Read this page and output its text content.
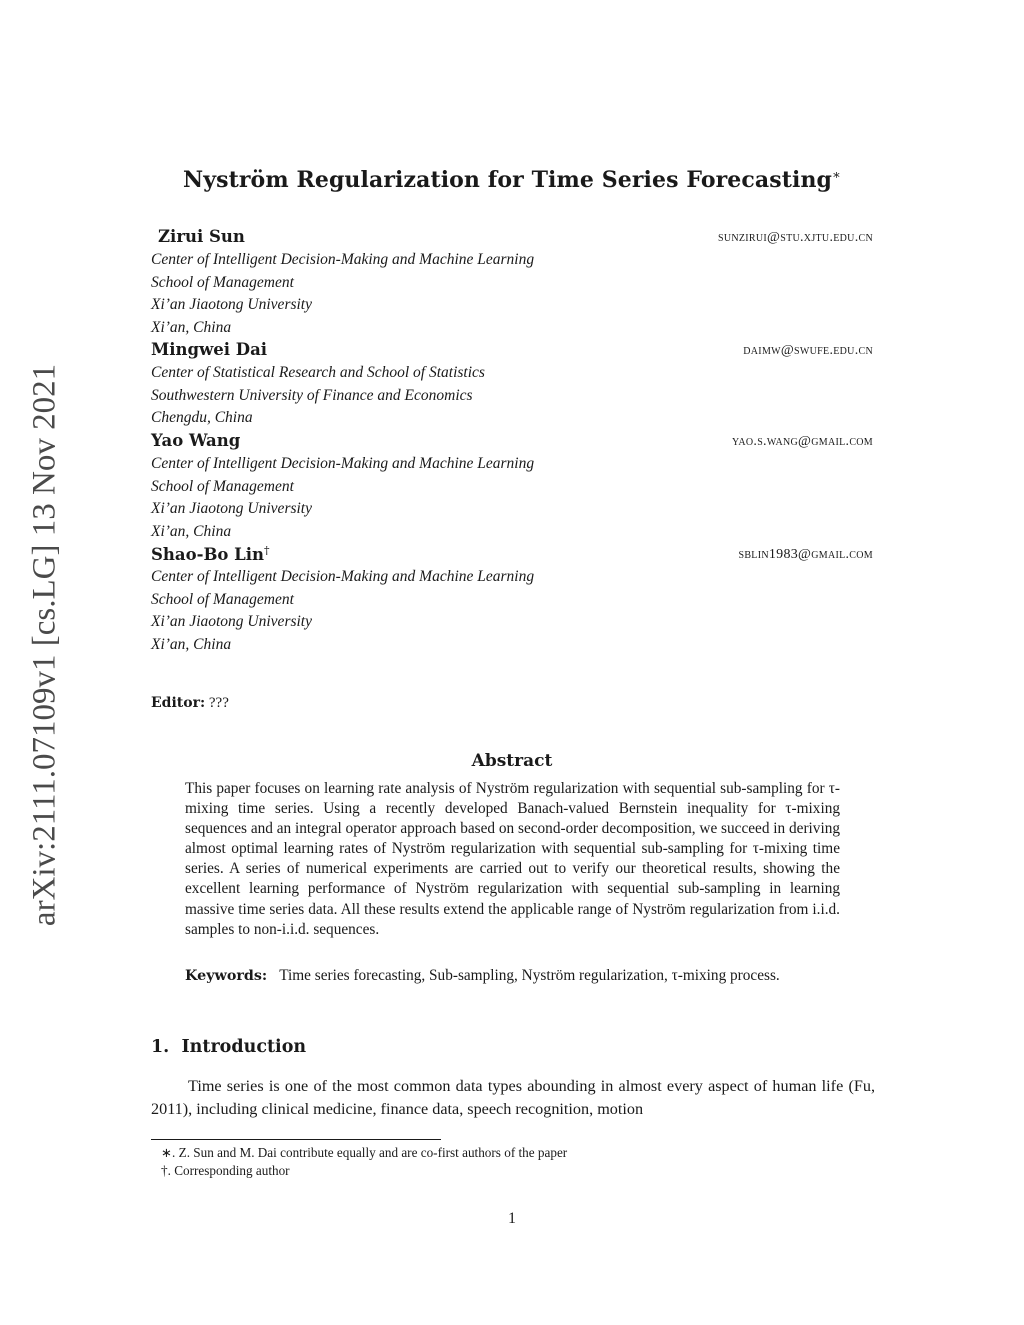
arXiv:2111.07109v1 [cs.LG] 13 Nov 2021
Nyström Regularization for Time Series Forecasting∗
Zirui Sun	sunzirui@stu.xjtu.edu.cn
Center of Intelligent Decision-Making and Machine Learning
School of Management
Xi’an Jiaotong University
Xi’an, China
Mingwei Dai	daimw@swufe.edu.cn
Center of Statistical Research and School of Statistics
Southwestern University of Finance and Economics
Chengdu, China
Yao Wang	yao.s.wang@gmail.com
Center of Intelligent Decision-Making and Machine Learning
School of Management
Xi’an Jiaotong University
Xi’an, China
Shao-Bo Lin†	sblin1983@gmail.com
Center of Intelligent Decision-Making and Machine Learning
School of Management
Xi’an Jiaotong University
Xi’an, China
Editor: ???
Abstract
This paper focuses on learning rate analysis of Nyström regularization with sequential sub-sampling for τ-mixing time series. Using a recently developed Banach-valued Bernstein inequality for τ-mixing sequences and an integral operator approach based on second-order decomposition, we succeed in deriving almost optimal learning rates of Nyström regularization with sequential sub-sampling for τ-mixing time series. A series of numerical experiments are carried out to verify our theoretical results, showing the excellent learning performance of Nyström regularization with sequential sub-sampling in learning massive time series data. All these results extend the applicable range of Nyström regularization from i.i.d. samples to non-i.i.d. sequences.
Keywords: Time series forecasting, Sub-sampling, Nyström regularization, τ-mixing process.
1. Introduction
Time series is one of the most common data types abounding in almost every aspect of human life (Fu, 2011), including clinical medicine, finance data, speech recognition, motion
∗. Z. Sun and M. Dai contribute equally and are co-first authors of the paper
†. Corresponding author
1
